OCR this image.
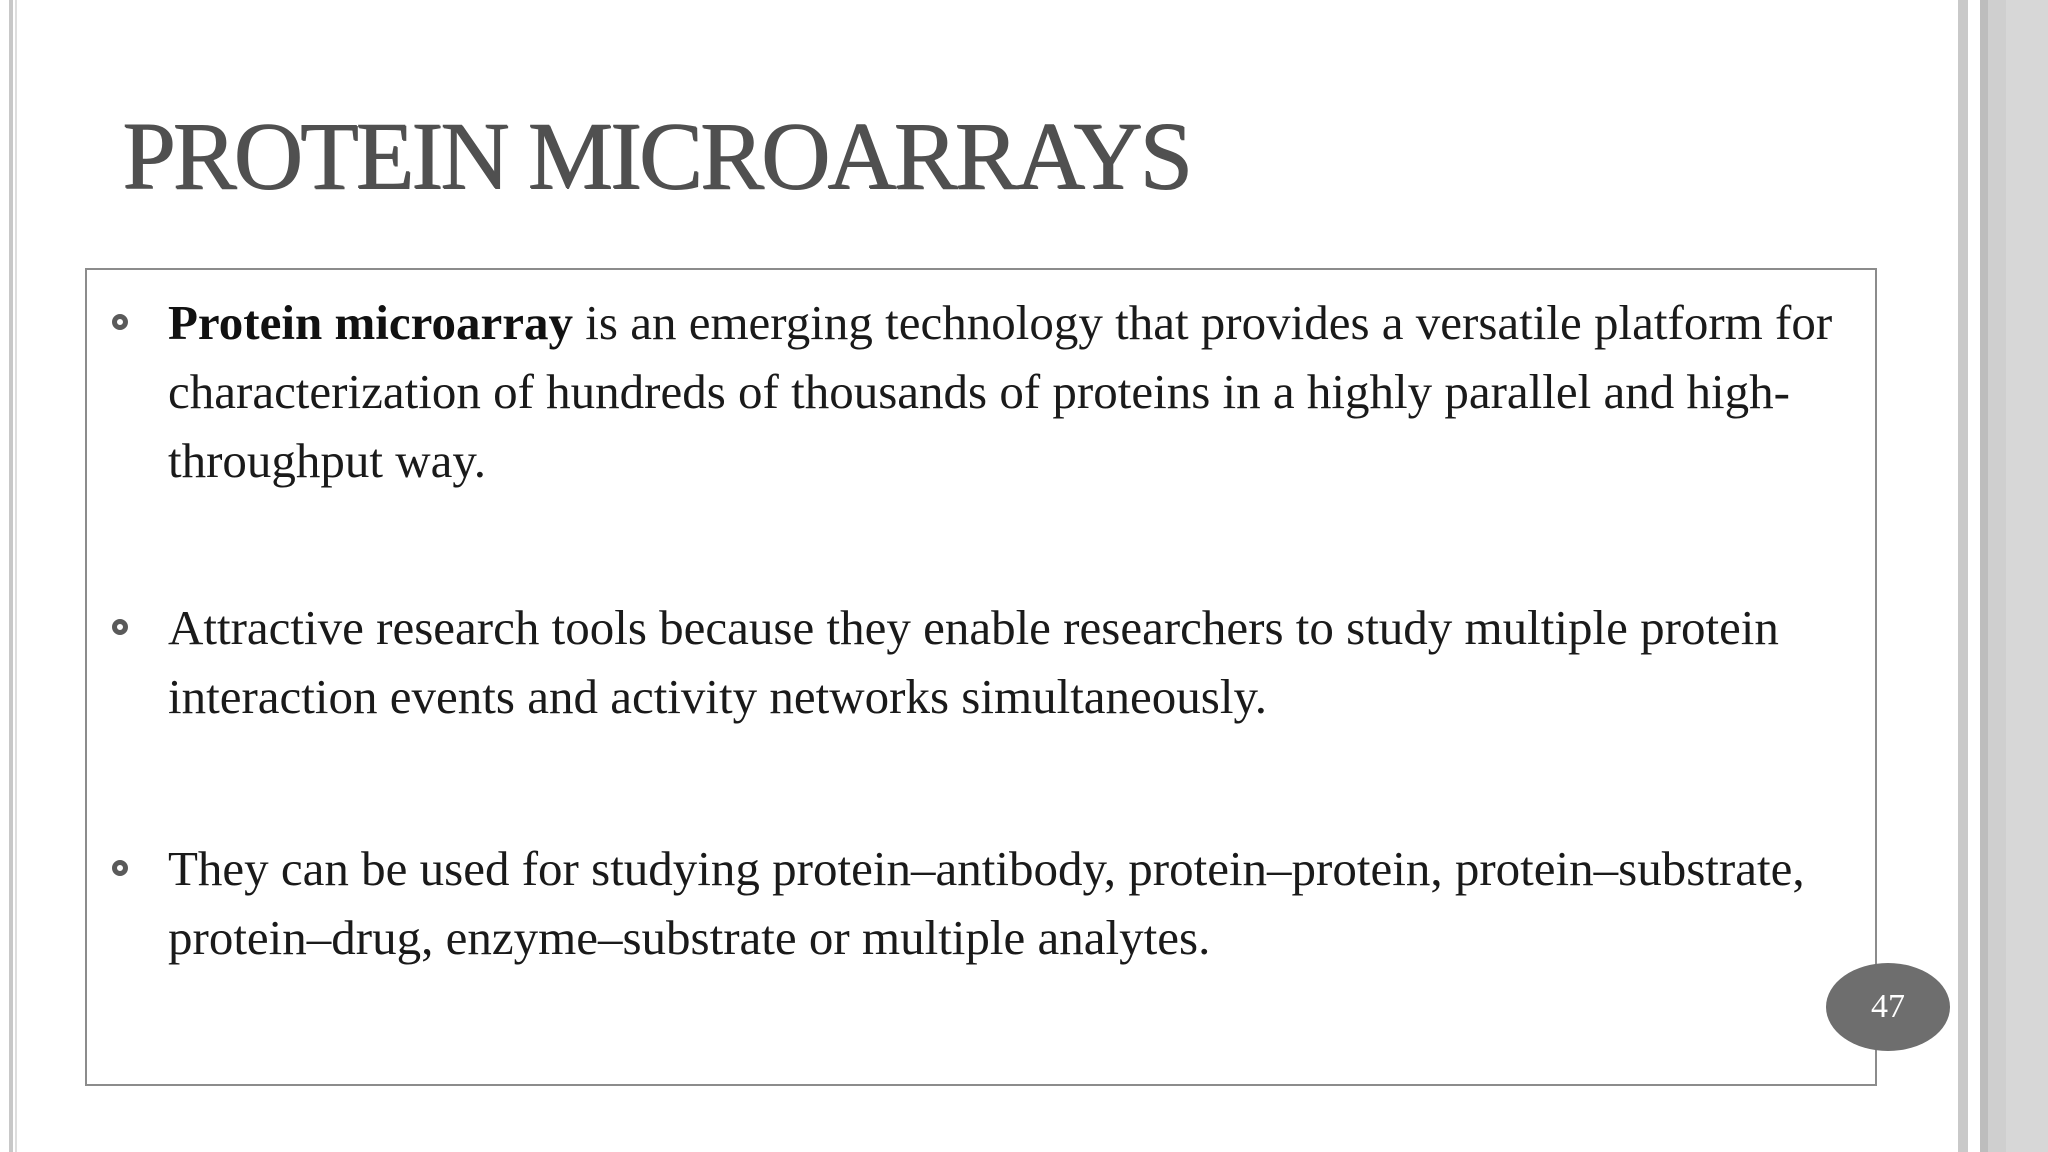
PROTEIN MICROARRAYS

Protein microarray is an emerging technology that provides a versatile platform for characterization of hundreds of thousands of proteins in a highly parallel and high-throughput way.

Attractive research tools because they enable researchers to study multiple protein interaction events and activity networks simultaneously.

They can be used for studying protein–antibody, protein–protein, protein–substrate, protein–drug, enzyme–substrate or multiple analytes.

47
